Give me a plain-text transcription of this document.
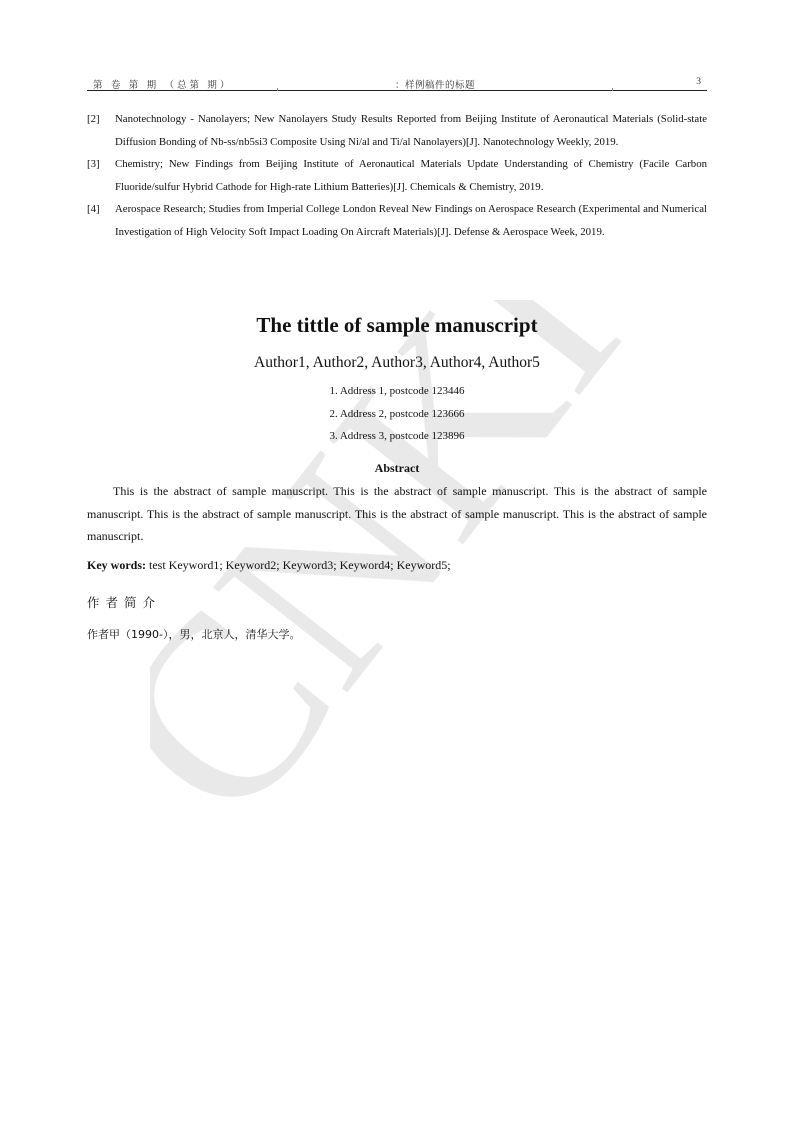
CNKI
第 卷 第 期 （总第 期）	：样例稿件的标题	3
[2]	Nanotechnology - Nanolayers; New Nanolayers Study Results Reported from Beijing Institute of Aeronautical Materials (Solid-state Diffusion Bonding of Nb-ss/nb5si3 Composite Using Ni/al and Ti/al Nanolayers)[J]. Nanotechnology Weekly, 2019.
[3]	Chemistry; New Findings from Beijing Institute of Aeronautical Materials Update Understanding of Chemistry (Facile Carbon Fluoride/sulfur Hybrid Cathode for High-rate Lithium Batteries)[J]. Chemicals & Chemistry, 2019.
[4]	Aerospace Research; Studies from Imperial College London Reveal New Findings on Aerospace Research (Experimental and Numerical Investigation of High Velocity Soft Impact Loading On Aircraft Materials)[J]. Defense & Aerospace Week, 2019.
The tittle of sample manuscript
Author1, Author2, Author3, Author4, Author5
1. Address 1, postcode 123446
2. Address 2, postcode 123666
3. Address 3, postcode 123896
Abstract
This is the abstract of sample manuscript. This is the abstract of sample manuscript. This is the abstract of sample manuscript. This is the abstract of sample manuscript. This is the abstract of sample manuscript. This is the abstract of sample manuscript.
Key words: test Keyword1; Keyword2; Keyword3; Keyword4; Keyword5;
作者简介
作者甲（1990-），男，北京人，清华大学。
